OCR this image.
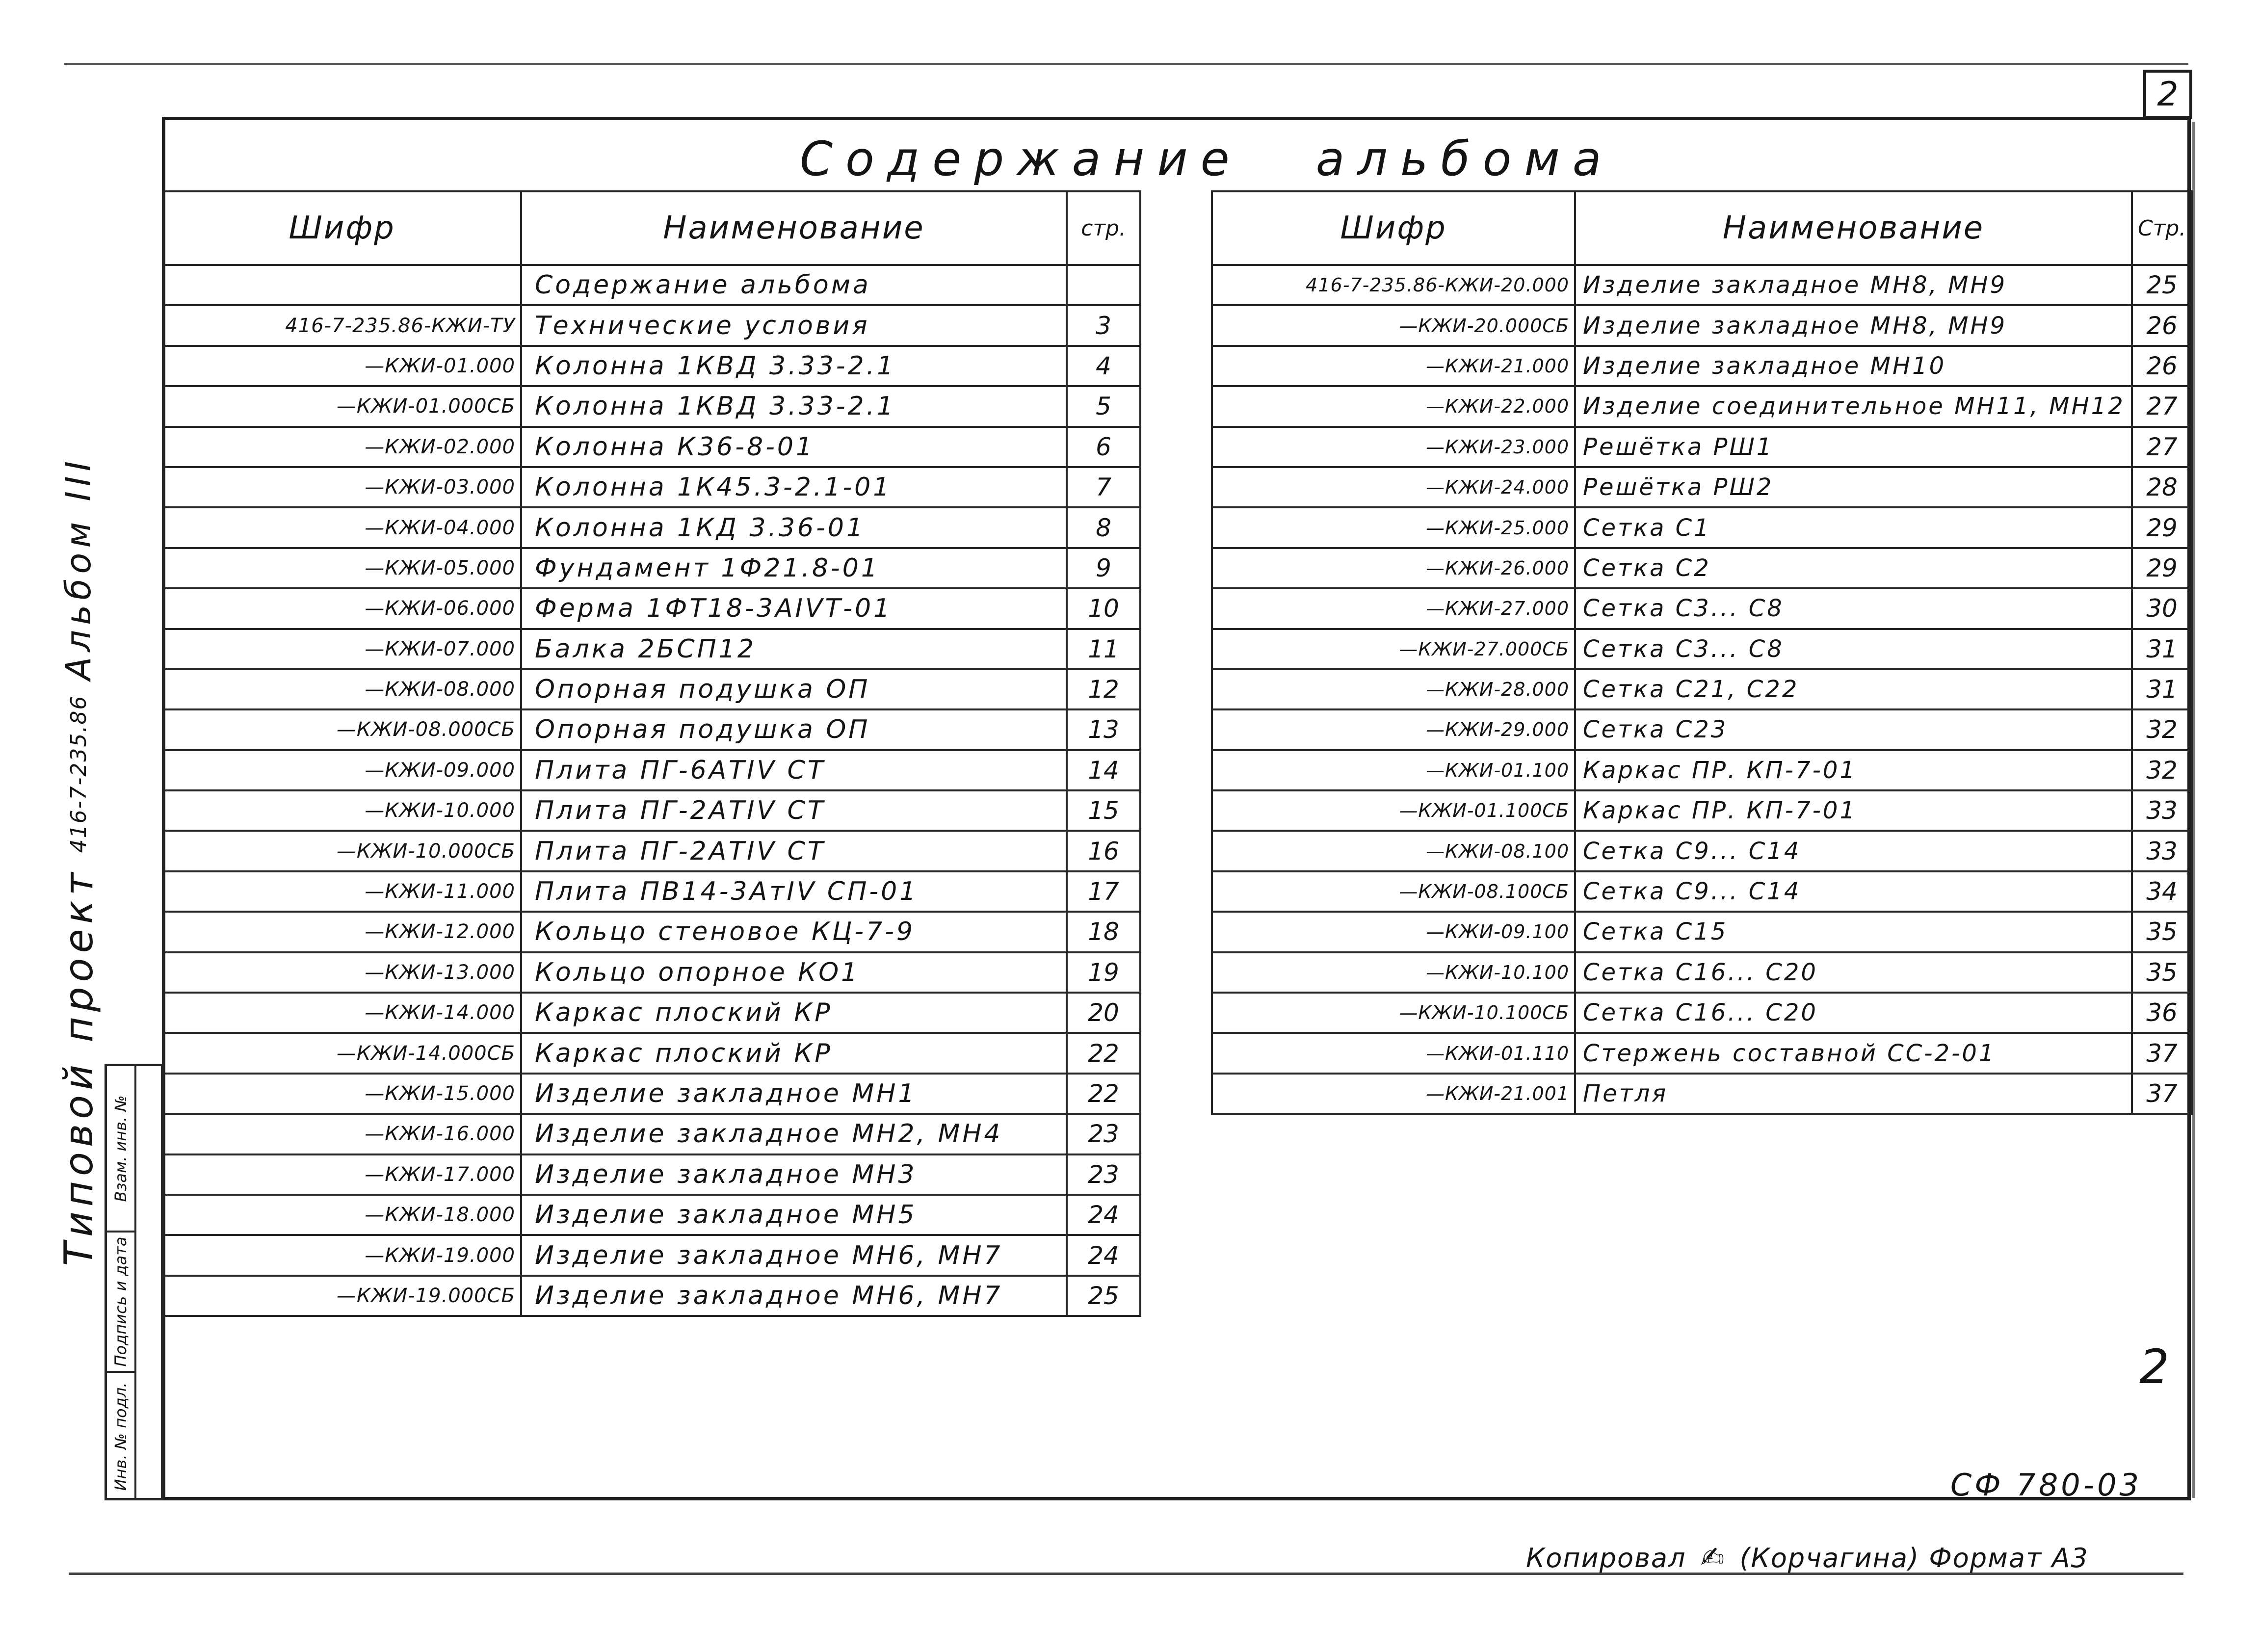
2
Содержание альбома
Шифр	Наименование	стр.
	Содержание альбома	
416-7-235.86-КЖИ-ТУ	Технические условия	3
—КЖИ-01.000	Колонна 1КВД 3.33-2.1	4
—КЖИ-01.000СБ	Колонна 1КВД 3.33-2.1	5
—КЖИ-02.000	Колонна К36-8-01	6
—КЖИ-03.000	Колонна 1К45.3-2.1-01	7
—КЖИ-04.000	Колонна 1КД 3.36-01	8
—КЖИ-05.000	Фундамент 1Ф21.8-01	9
—КЖИ-06.000	Ферма 1ФТ18-3АIVТ-01	10
—КЖИ-07.000	Балка 2БСП12	11
—КЖИ-08.000	Опорная подушка ОП	12
—КЖИ-08.000СБ	Опорная подушка ОП	13
—КЖИ-09.000	Плита ПГ-6АТIV СТ	14
—КЖИ-10.000	Плита ПГ-2АТIV СТ	15
—КЖИ-10.000СБ	Плита ПГ-2АТIV СТ	16
—КЖИ-11.000	Плита ПВ14-3АтIV СП-01	17
—КЖИ-12.000	Кольцо стеновое КЦ-7-9	18
—КЖИ-13.000	Кольцо опорное КО1	19
—КЖИ-14.000	Каркас плоский КР	20
—КЖИ-14.000СБ	Каркас плоский КР	22
—КЖИ-15.000	Изделие закладное МН1	22
—КЖИ-16.000	Изделие закладное МН2, МН4	23
—КЖИ-17.000	Изделие закладное МН3	23
—КЖИ-18.000	Изделие закладное МН5	24
—КЖИ-19.000	Изделие закладное МН6, МН7	24
—КЖИ-19.000СБ	Изделие закладное МН6, МН7	25
Шифр	Наименование	Стр.
416-7-235.86-КЖИ-20.000	Изделие закладное МН8, МН9	25
—КЖИ-20.000СБ	Изделие закладное МН8, МН9	26
—КЖИ-21.000	Изделие закладное МН10	26
—КЖИ-22.000	Изделие соединительное МН11, МН12	27
—КЖИ-23.000	Решётка РШ1	27
—КЖИ-24.000	Решётка РШ2	28
—КЖИ-25.000	Сетка С1	29
—КЖИ-26.000	Сетка С2	29
—КЖИ-27.000	Сетка С3... С8	30
—КЖИ-27.000СБ	Сетка С3... С8	31
—КЖИ-28.000	Сетка С21, С22	31
—КЖИ-29.000	Сетка С23	32
—КЖИ-01.100	Каркас ПР. КП-7-01	32
—КЖИ-01.100СБ	Каркас ПР. КП-7-01	33
—КЖИ-08.100	Сетка С9... С14	33
—КЖИ-08.100СБ	Сетка С9... С14	34
—КЖИ-09.100	Сетка С15	35
—КЖИ-10.100	Сетка С16... С20	35
—КЖИ-10.100СБ	Сетка С16... С20	36
—КЖИ-01.110	Стержень составной СС-2-01	37
—КЖИ-21.001	Петля	37
Типовой проект
416-7-235.86
Альбом III
Инв. № подл.
Подпись и дата
Взам. инв. №
2
СФ 780-03
Копировал ✍ (Корчагина) Формат А3
